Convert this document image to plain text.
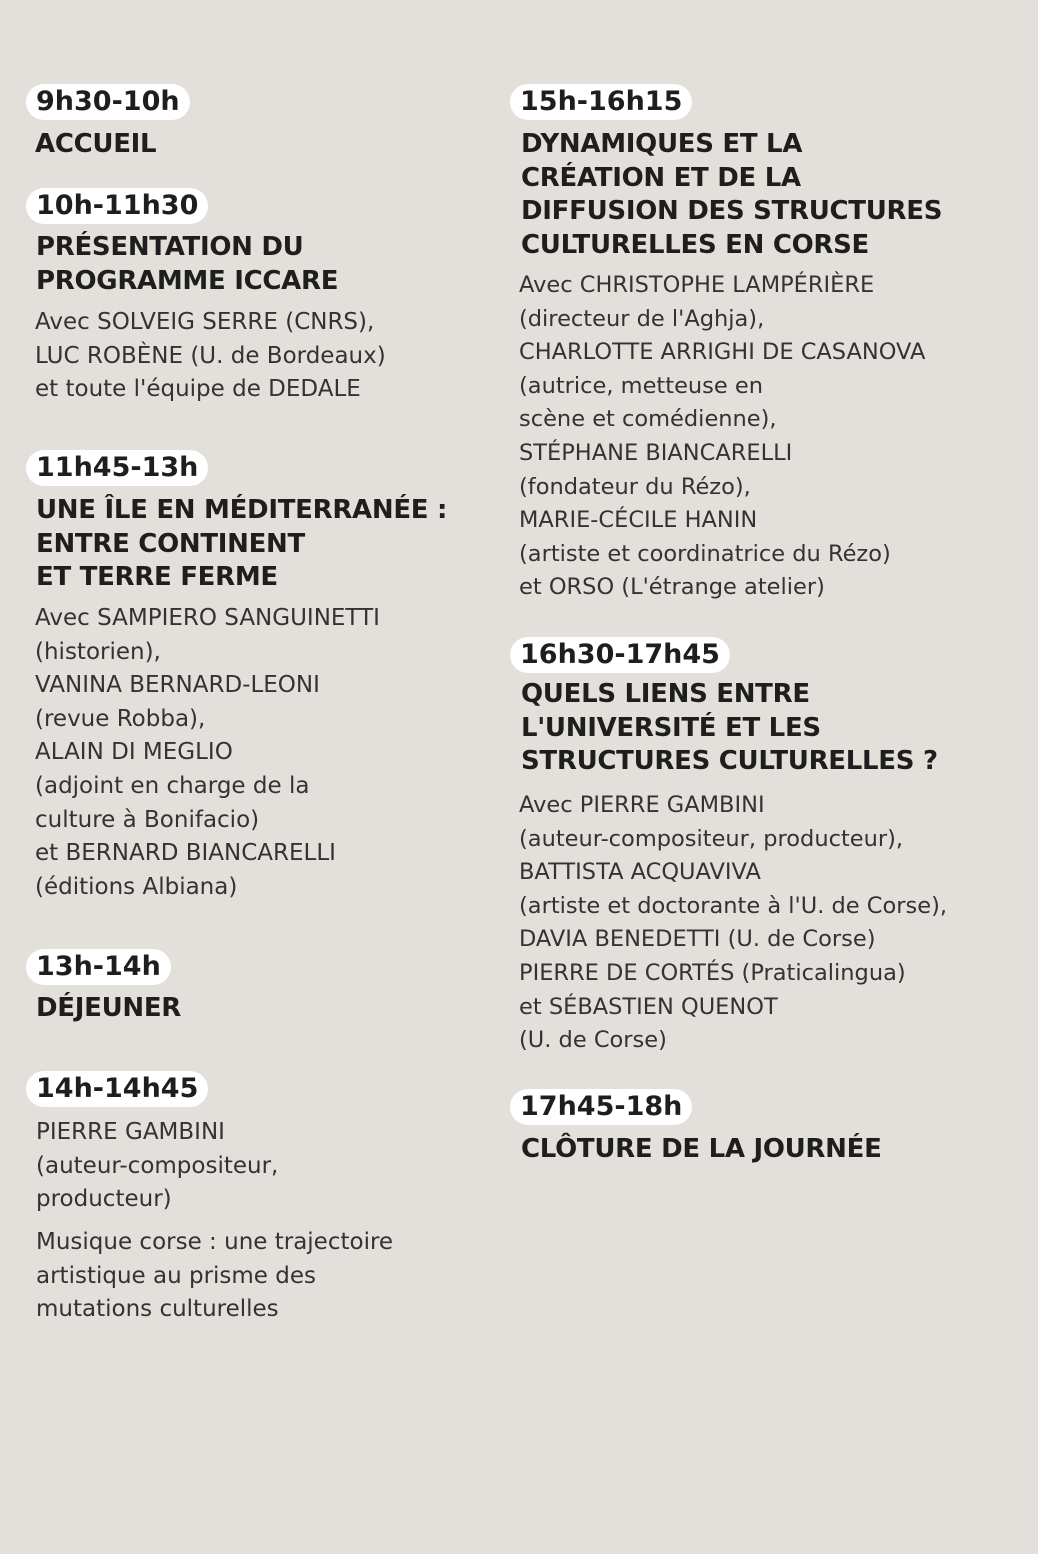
9h30-10h
ACCUEIL
10h-11h30
PRÉSENTATION DU
PROGRAMME ICCARE
Avec SOLVEIG SERRE (CNRS),
LUC ROBÈNE (U. de Bordeaux)
et toute l'équipe de DEDALE
11h45-13h
UNE ÎLE EN MÉDITERRANÉE :
ENTRE CONTINENT
ET TERRE FERME
Avec SAMPIERO SANGUINETTI
(historien),
VANINA BERNARD-LEONI
(revue Robba),
ALAIN DI MEGLIO
(adjoint en charge de la
culture à Bonifacio)
et BERNARD BIANCARELLI
(éditions Albiana)
13h-14h
DÉJEUNER
14h-14h45
PIERRE GAMBINI
(auteur-compositeur,
producteur)
Musique corse : une trajectoire
artistique au prisme des
mutations culturelles
15h-16h15
DYNAMIQUES ET LA
CRÉATION ET DE LA
DIFFUSION DES STRUCTURES
CULTURELLES EN CORSE
Avec CHRISTOPHE LAMPÉRIÈRE
(directeur de l'Aghja),
CHARLOTTE ARRIGHI DE CASANOVA
(autrice, metteuse en
scène et comédienne),
STÉPHANE BIANCARELLI
(fondateur du Rézo),
MARIE-CÉCILE HANIN
(artiste et coordinatrice du Rézo)
et ORSO (L'étrange atelier)
16h30-17h45
QUELS LIENS ENTRE
L'UNIVERSITÉ ET LES
STRUCTURES CULTURELLES ?
Avec PIERRE GAMBINI
(auteur-compositeur, producteur),
BATTISTA ACQUAVIVA
(artiste et doctorante à l'U. de Corse),
DAVIA BENEDETTI (U. de Corse)
PIERRE DE CORTÉS (Praticalingua)
et SÉBASTIEN QUENOT
(U. de Corse)
17h45-18h
CLÔTURE DE LA JOURNÉE
